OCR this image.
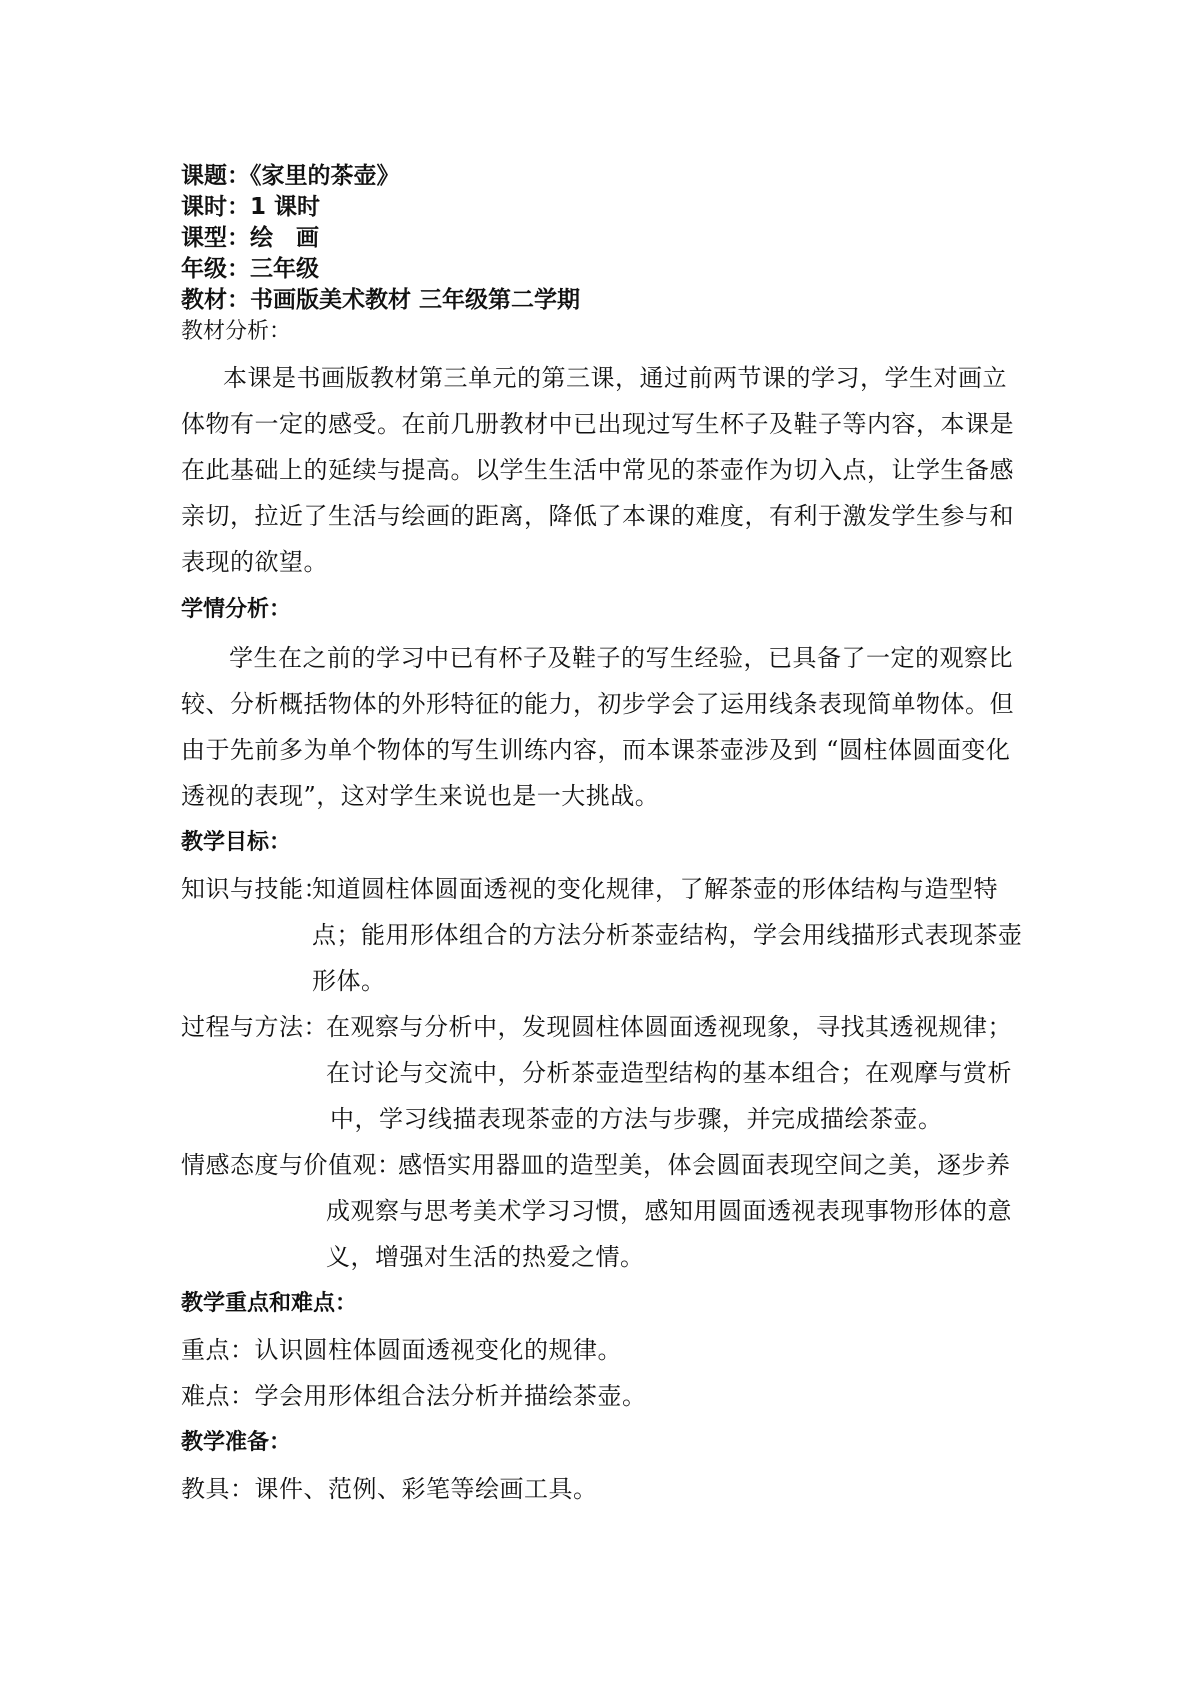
课题：《家里的茶壶》
课时：1 课时
课型：绘　画
年级：三年级
教材：书画版美术教材 三年级第二学期
教材分析：
本课是书画版教材第三单元的第三课，通过前两节课的学习，学生对画立
体物有一定的感受。在前几册教材中已出现过写生杯子及鞋子等内容，本课是
在此基础上的延续与提高。以学生生活中常见的茶壶作为切入点，让学生备感
亲切，拉近了生活与绘画的距离，降低了本课的难度，有利于激发学生参与和
表现的欲望。
学情分析：
学生在之前的学习中已有杯子及鞋子的写生经验，已具备了一定的观察比
较、分析概括物体的外形特征的能力，初步学会了运用线条表现简单物体。但
由于先前多为单个物体的写生训练内容，而本课茶壶涉及到 “圆柱体圆面变化
透视的表现”，这对学生来说也是一大挑战。
教学目标：
知识与技能：
知道圆柱体圆面透视的变化规律，了解茶壶的形体结构与造型特
点；能用形体组合的方法分析茶壶结构，学会用线描形式表现茶壶
形体。
过程与方法：
在观察与分析中，发现圆柱体圆面透视现象，寻找其透视规律；
在讨论与交流中，分析茶壶造型结构的基本组合；在观摩与赏析
中，学习线描表现茶壶的方法与步骤，并完成描绘茶壶。
情感态度与价值观：
感悟实用器皿的造型美，体会圆面表现空间之美，逐步养
成观察与思考美术学习习惯，感知用圆面透视表现事物形体的意
义，增强对生活的热爱之情。
教学重点和难点：
重点：认识圆柱体圆面透视变化的规律。
难点：学会用形体组合法分析并描绘茶壶。
教学准备：
教具：课件、范例、彩笔等绘画工具。
